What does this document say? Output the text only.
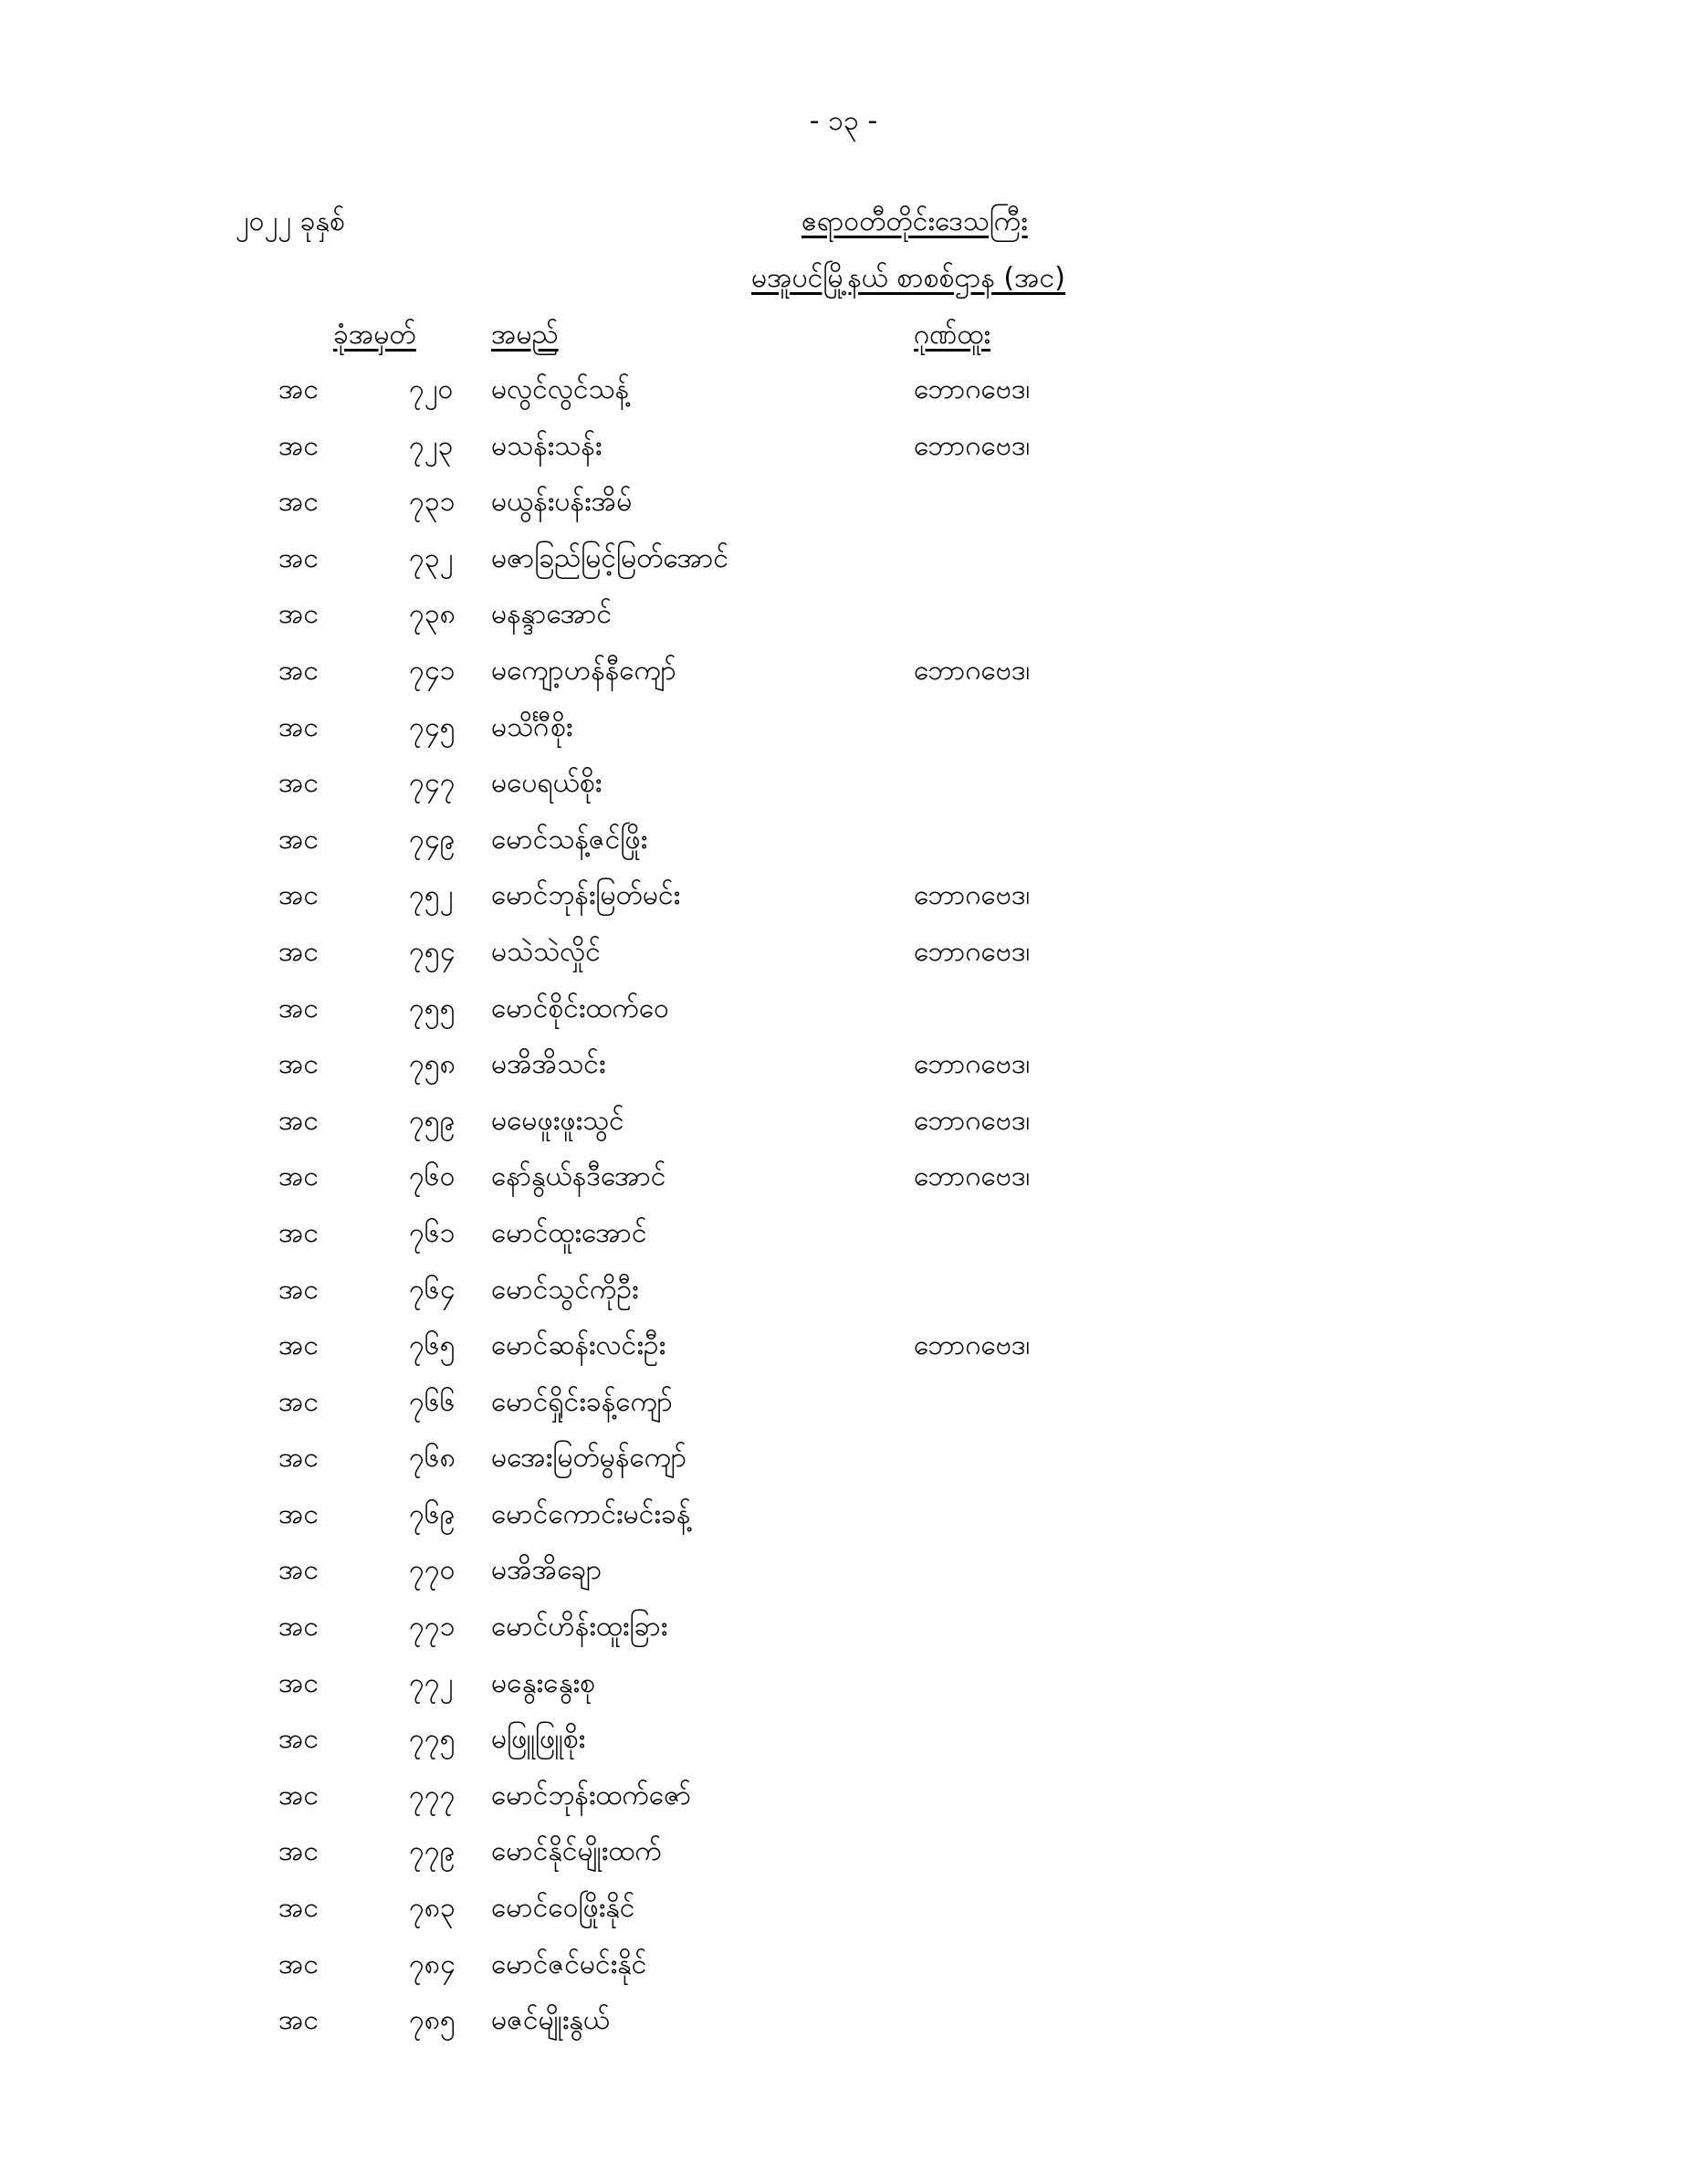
- ၁၃ -
၂၀၂၂ ခုနှစ်	ဧရာဝတီတိုင်းဒေသကြီး
မအူပင်မြို့နယ် စာစစ်ဌာန (အင)
ခုံအမှတ်	အမည်	ဂုဏ်ထူး
အင	၇၂၀ မလွင်လွင်သန့်	ဘောဂဗေဒ၊
အင	၇၂၃ မသန်းသန်း	ဘောဂဗေဒ၊
အင	၇၃၁ မယွန်းပန်းအိမ်
အင	၇၃၂ မဇာခြည်မြင့်မြတ်အောင်
အင	၇၃၈ မနန္ဒာအောင်
အင	၇၄၁ မကျော့ဟန်နီကျော်	ဘောဂဗေဒ၊
အင	၇၄၅ မသိင်္ဂီစိုး
အင	၇၄၇ မပေရယ်စိုး
အင	၇၄၉ မောင်သန့်ဇင်ဖြိုး
အင	၇၅၂ မောင်ဘုန်းမြတ်မင်း	ဘောဂဗေဒ၊
အင	၇၅၄ မသဲသဲလှိုင်	ဘောဂဗေဒ၊
အင	၇၅၅ မောင်စိုင်းထက်ဝေ
အင	၇၅၈ မအိအိသင်း	ဘောဂဗေဒ၊
အင	၇၅၉ မမေဖူးဖူးသွင်	ဘောဂဗေဒ၊
အင	၇၆၀ နော်နွယ်နဒီအောင်	ဘောဂဗေဒ၊
အင	၇၆၁ မောင်ထူးအောင်
အင	၇၆၄ မောင်သွင်ကိုဦး
အင	၇၆၅ မောင်ဆန်းလင်းဦး	ဘောဂဗေဒ၊
အင	၇၆၆ မောင်ရှိုင်းခန့်ကျော်
အင	၇၆၈ မအေးမြတ်မွန်ကျော်
အင	၇၆၉ မောင်ကောင်းမင်းခန့်
အင	၇၇၀ မအိအိချော
အင	၇၇၁ မောင်ဟိန်းထူးခြား
အင	၇၇၂ မနွေးနွေးစု
အင	၇၇၅ မဖြူဖြူစိုး
အင	၇၇၇ မောင်ဘုန်းထက်ဇော်
အင	၇၇၉ မောင်နိုင်မျိုးထက်
အင	၇၈၃ မောင်ဝေဖြိုးနိုင်
အင	၇၈၄ မောင်ဇင်မင်းနိုင်
အင	၇၈၅ မဇင်မျိုးနွယ်
